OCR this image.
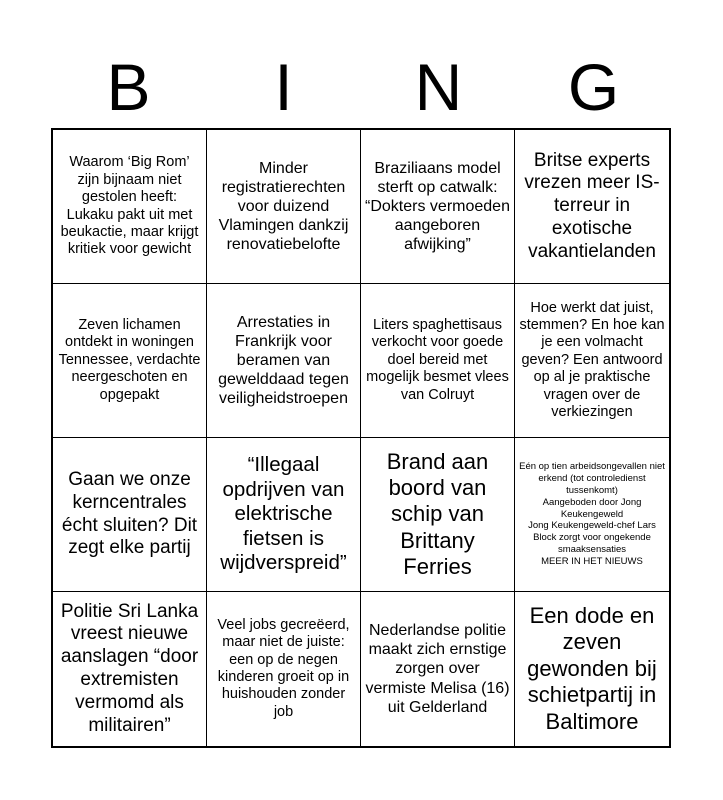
B	I	N	G
Waarom ‘Big Rom’ zijn bijnaam niet gestolen heeft: Lukaku pakt uit met beukactie, maar krijgt kritiek voor gewicht
Minder registratierechten voor duizend Vlamingen dankzij renovatiebelofte
Braziliaans model sterft op catwalk: “Dokters vermoeden aangeboren afwijking”
Britse experts vrezen meer IS-terreur in exotische vakantielanden
Zeven lichamen ontdekt in woningen Tennessee, verdachte neergeschoten en opgepakt
Arrestaties in Frankrijk voor beramen van gewelddaad tegen veiligheidstroepen
Liters spaghettisaus verkocht voor goede doel bereid met mogelijk besmet vlees van Colruyt
Hoe werkt dat juist, stemmen? En hoe kan je een volmacht geven? Een antwoord op al je praktische vragen over de verkiezingen
Gaan we onze kerncentrales écht sluiten? Dit zegt elke partij
“Illegaal opdrijven van elektrische fietsen is wijdverspreid”
Brand aan boord van schip van Brittany Ferries
Eén op tien arbeidsongevallen niet erkend (tot controledienst tussenkomt)
Aangeboden door Jong Keukengeweld
Jong Keukengeweld-chef Lars Block zorgt voor ongekende smaaksensaties
MEER IN HET NIEUWS
Politie Sri Lanka vreest nieuwe aanslagen “door extremisten vermomd als militairen”
Veel jobs gecreëerd, maar niet de juiste: een op de negen kinderen groeit op in huishouden zonder job
Nederlandse politie maakt zich ernstige zorgen over vermiste Melisa (16) uit Gelderland
Een dode en zeven gewonden bij schietpartij in Baltimore
